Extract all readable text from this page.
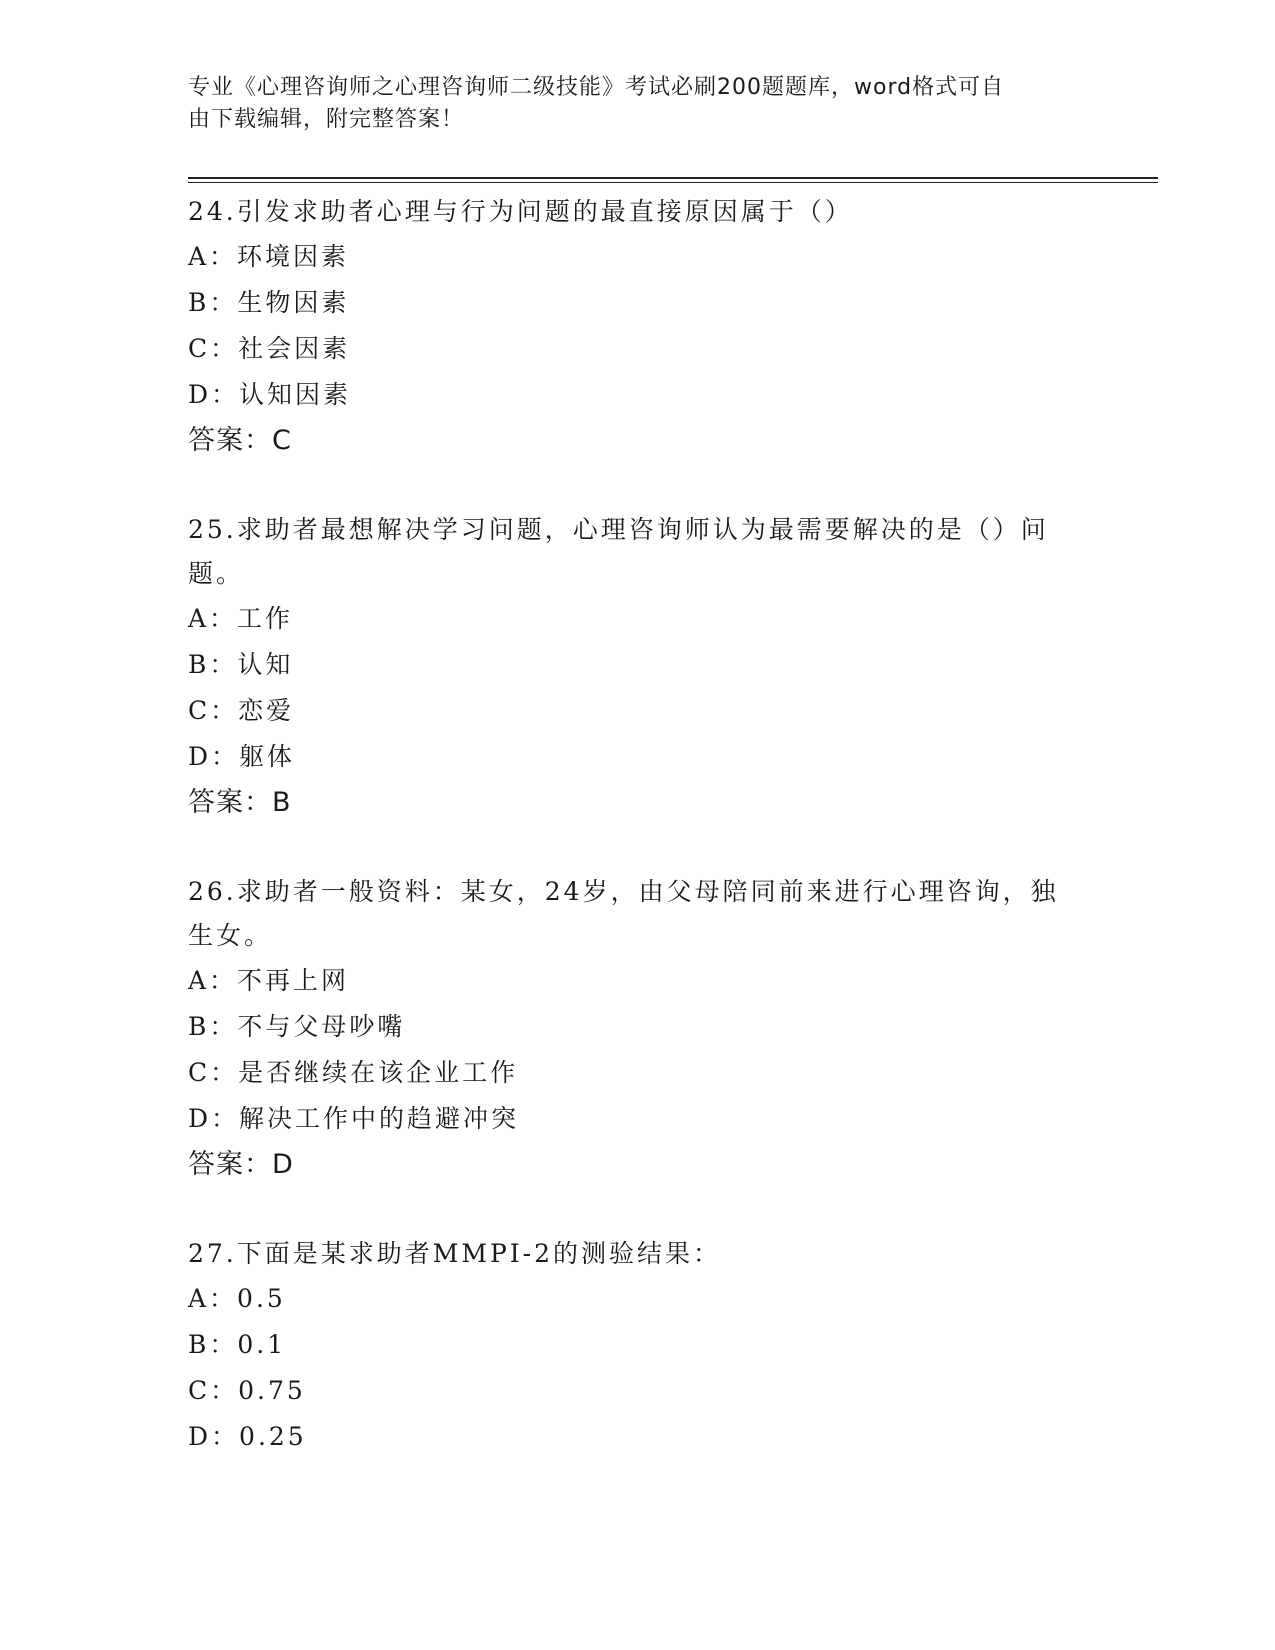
专业《心理咨询师之心理咨询师二级技能》考试必刷200题题库，word格式可自
由下载编辑，附完整答案！
24.引发求助者心理与行为问题的最直接原因属于（）
A：环境因素
B：生物因素
C：社会因素
D：认知因素
答案：C
25.求助者最想解决学习问题，心理咨询师认为最需要解决的是（）问
题。
A：工作
B：认知
C：恋爱
D：躯体
答案：B
26.求助者一般资料：某女，24岁，由父母陪同前来进行心理咨询，独
生女。
A：不再上网
B：不与父母吵嘴
C：是否继续在该企业工作
D：解决工作中的趋避冲突
答案：D
27.下面是某求助者MMPI-2的测验结果：
A：0.5
B：0.1
C：0.75
D：0.25
